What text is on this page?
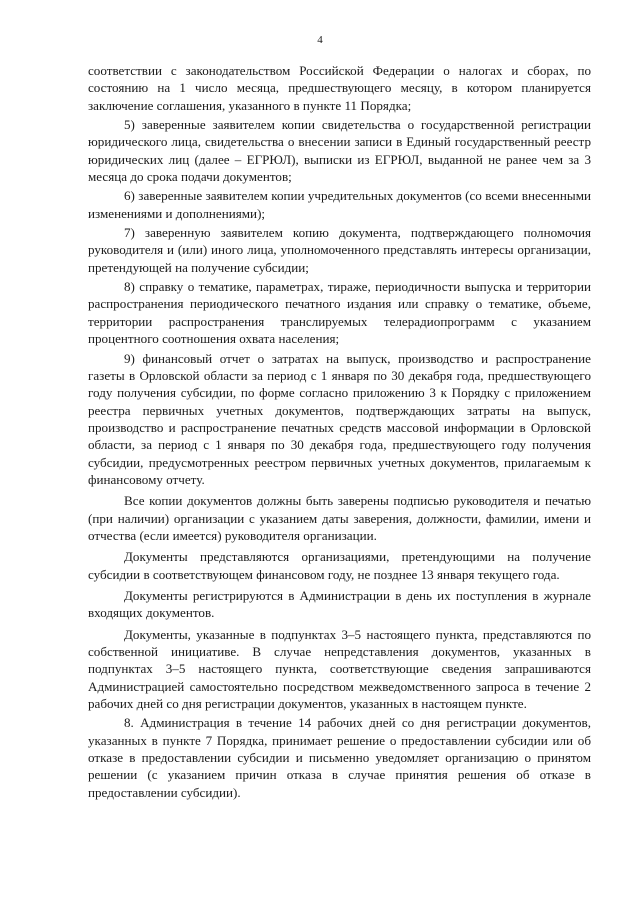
4

соответствии с законодательством Российской Федерации о налогах и сборах, по состоянию на 1 число месяца, предшествующего месяцу, в котором планируется заключение соглашения, указанного в пункте 11 Порядка;

5) заверенные заявителем копии свидетельства о государственной регистрации юридического лица, свидетельства о внесении записи в Единый государственный реестр юридических лиц (далее – ЕГРЮЛ), выписки из ЕГРЮЛ, выданной не ранее чем за 3 месяца до срока подачи документов;

6) заверенные заявителем копии учредительных документов (со всеми внесенными изменениями и дополнениями);

7) заверенную заявителем копию документа, подтверждающего полномочия руководителя и (или) иного лица, уполномоченного представлять интересы организации, претендующей на получение субсидии;

8) справку о тематике, параметрах, тираже, периодичности выпуска и территории распространения периодического печатного издания или справку о тематике, объеме, территории распространения транслируемых телерадиопрограмм с указанием процентного соотношения охвата населения;

9) финансовый отчет о затратах на выпуск, производство и распространение газеты в Орловской области за период с 1 января по 30 декабря года, предшествующего году получения субсидии, по форме согласно приложению 3 к Порядку с приложением реестра первичных учетных документов, подтверждающих затраты на выпуск, производство и распространение печатных средств массовой информации в Орловской области, за период с 1 января по 30 декабря года, предшествующего году получения субсидии, предусмотренных реестром первичных учетных документов, прилагаемым к финансовому отчету.

Все копии документов должны быть заверены подписью руководителя и печатью (при наличии) организации с указанием даты заверения, должности, фамилии, имени и отчества (если имеется) руководителя организации.

Документы представляются организациями, претендующими на получение субсидии в соответствующем финансовом году, не позднее 13 января текущего года.

Документы регистрируются в Администрации в день их поступления в журнале входящих документов.

Документы, указанные в подпунктах 3–5 настоящего пункта, представляются по собственной инициативе. В случае непредставления документов, указанных в подпунктах 3–5 настоящего пункта, соответствующие сведения запрашиваются Администрацией самостоятельно посредством межведомственного запроса в течение 2 рабочих дней со дня регистрации документов, указанных в настоящем пункте.

8. Администрация в течение 14 рабочих дней со дня регистрации документов, указанных в пункте 7 Порядка, принимает решение о предоставлении субсидии или об отказе в предоставлении субсидии и письменно уведомляет организацию о принятом решении (с указанием причин отказа в случае принятия решения об отказе в предоставлении субсидии).
